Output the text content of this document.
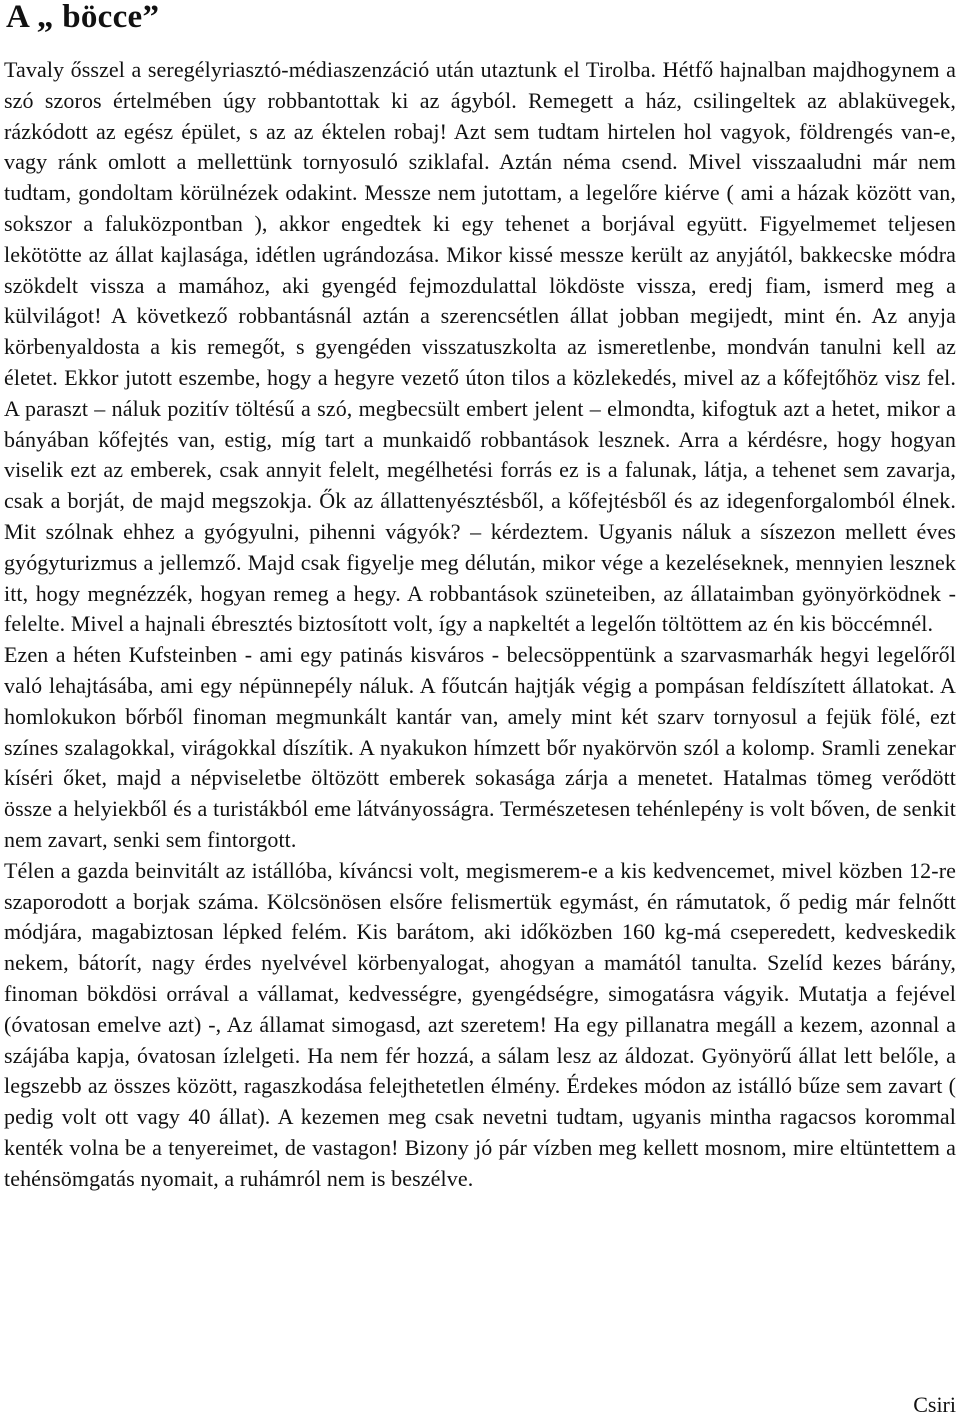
A „ böcce”

Tavaly ősszel a seregélyriasztó-médiaszenzáció után utaztunk el Tirolba. Hétfő hajnalban majdhogynem a szó szoros értelmében úgy robbantottak ki az ágyból. Remegett a ház, csilingeltek az ablaküvegek, rázkódott az egész épület, s az az éktelen robaj! Azt sem tudtam hirtelen hol vagyok, földrengés van-e, vagy ránk omlott a mellettünk tornyosuló sziklafal. Aztán néma csend. Mivel visszaaludni már nem tudtam, gondoltam körülnézek odakint. Messze nem jutottam, a legelőre kiérve ( ami a házak között van, sokszor a faluközpontban ), akkor engedtek ki egy tehenet a borjával együtt. Figyelmemet teljesen lekötötte az állat kajlasága, idétlen ugrándozása. Mikor kissé messze került az anyjától, bakkecske módra szökdelt vissza a mamához, aki gyengéd fejmozdulattal lökdöste vissza, eredj fiam, ismerd meg a külvilágot! A következő robbantásnál aztán a szerencsétlen állat jobban megijedt, mint én. Az anyja körbenyaldosta a kis remegőt, s gyengéden visszatuszkolta az ismeretlenbe, mondván tanulni kell az életet. Ekkor jutott eszembe, hogy a hegyre vezető úton tilos a közlekedés, mivel az a kőfejtőhöz visz fel. A paraszt – náluk pozitív töltésű a szó, megbecsült embert jelent – elmondta, kifogtuk azt a hetet, mikor a bányában kőfejtés van, estig, míg tart a munkaidő robbantások lesznek. Arra a kérdésre, hogy hogyan viselik ezt az emberek, csak annyit felelt, megélhetési forrás ez is a falunak, látja, a tehenet sem zavarja, csak a borját, de majd megszokja. Ők az állattenyésztésből, a kőfejtésből és az idegenforgalomból élnek. Mit szólnak ehhez a gyógyulni, pihenni vágyók? – kérdeztem. Ugyanis náluk a síszezon mellett éves gyógyturizmus a jellemző. Majd csak figyelje meg délután, mikor vége a kezeléseknek, mennyien lesznek itt, hogy megnézzék, hogyan remeg a hegy. A robbantások szüneteiben, az állataimban gyönyörködnek - felelte. Mivel a hajnali ébresztés biztosított volt, így a napkeltét a legelőn töltöttem az én kis böccémnél.

Ezen a héten Kufsteinben - ami egy patinás kisváros - belecsöppentünk a szarvasmarhák hegyi legelőről való lehajtásába, ami egy népünnepély náluk. A főutcán hajtják végig a pompásan feldíszített állatokat. A homlokukon bőrből finoman megmunkált kantár van, amely mint két szarv tornyosul a fejük fölé, ezt színes szalagokkal, virágokkal díszítik. A nyakukon hímzett bőr nyakörvön szól a kolomp. Sramli zenekar kíséri őket, majd a népviseletbe öltözött emberek sokasága zárja a menetet. Hatalmas tömeg verődött össze a helyiekből és a turistákból eme látványosságra. Természetesen tehénlepény is volt bőven, de senkit nem zavart, senki sem fintorgott.

Télen a gazda beinvitált az istállóba, kíváncsi volt, megismerem-e a kis kedvencemet, mivel közben 12-re szaporodott a borjak száma. Kölcsönösen elsőre felismertük egymást, én rámutatok, ő pedig már felnőtt módjára, magabiztosan lépked felém. Kis barátom, aki időközben 160 kg-má cseperedett, kedveskedik nekem, bátorít, nagy érdes nyelvével körbenyalogat, ahogyan a mamától tanulta. Szelíd kezes bárány, finoman bökdösi orrával a vállamat, kedvességre, gyengédségre, simogatásra vágyik. Mutatja a fejével (óvatosan emelve azt) -, Az államat simogasd, azt szeretem! Ha egy pillanatra megáll a kezem, azonnal a szájába kapja, óvatosan ízlelgeti. Ha nem fér hozzá, a sálam lesz az áldozat. Gyönyörű állat lett belőle, a legszebb az összes között, ragaszkodása felejthetetlen élmény. Érdekes módon az istálló bűze sem zavart ( pedig volt ott vagy 40 állat). A kezemen meg csak nevetni tudtam, ugyanis mintha ragacsos korommal kenték volna be a tenyereimet, de vastagon! Bizony jó pár vízben meg kellett mosnom, mire eltüntettem a tehénsömgatás nyomait, a ruhámról nem is beszélve.

Csiri
